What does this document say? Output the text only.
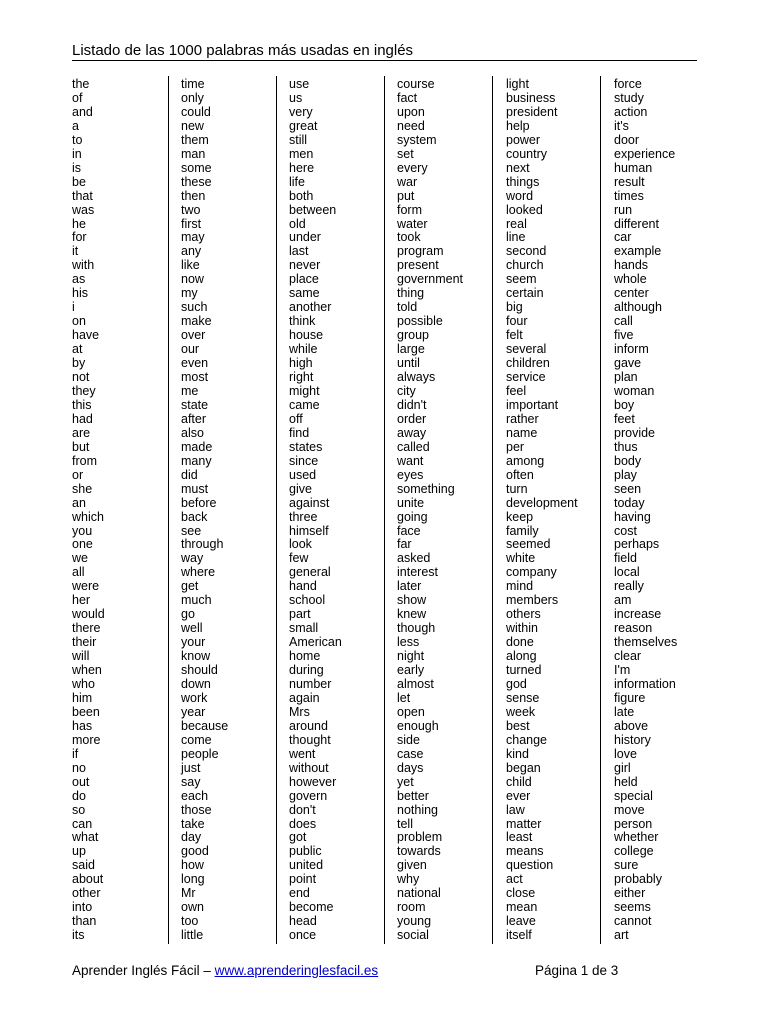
Listado de las 1000 palabras más usadas en inglés
the
of
and
a
to
in
is
be
that
was
he
for
it
with
as
his
i
on
have
at
by
not
they
this
had
are
but
from
or
she
an
which
you
one
we
all
were
her
would
there
their
will
when
who
him
been
has
more
if
no
out
do
so
can
what
up
said
about
other
into
than
its
time
only
could
new
them
man
some
these
then
two
first
may
any
like
now
my
such
make
over
our
even
most
me
state
after
also
made
many
did
must
before
back
see
through
way
where
get
much
go
well
your
know
should
down
work
year
because
come
people
just
say
each
those
take
day
good
how
long
Mr
own
too
little
use
us
very
great
still
men
here
life
both
between
old
under
last
never
place
same
another
think
house
while
high
right
might
came
off
find
states
since
used
give
against
three
himself
look
few
general
hand
school
part
small
American
home
during
number
again
Mrs
around
thought
went
without
however
govern
don't
does
got
public
united
point
end
become
head
once
course
fact
upon
need
system
set
every
war
put
form
water
took
program
present
government
thing
told
possible
group
large
until
always
city
didn't
order
away
called
want
eyes
something
unite
going
face
far
asked
interest
later
show
knew
though
less
night
early
almost
let
open
enough
side
case
days
yet
better
nothing
tell
problem
towards
given
why
national
room
young
social
light
business
president
help
power
country
next
things
word
looked
real
line
second
church
seem
certain
big
four
felt
several
children
service
feel
important
rather
name
per
among
often
turn
development
keep
family
seemed
white
company
mind
members
others
within
done
along
turned
god
sense
week
best
change
kind
began
child
ever
law
matter
least
means
question
act
close
mean
leave
itself
force
study
action
it's
door
experience
human
result
times
run
different
car
example
hands
whole
center
although
call
five
inform
gave
plan
woman
boy
feet
provide
thus
body
play
seen
today
having
cost
perhaps
field
local
really
am
increase
reason
themselves
clear
I'm
information
figure
late
above
history
love
girl
held
special
move
person
whether
college
sure
probably
either
seems
cannot
art
Aprender Inglés Fácil – www.aprenderinglesfacil.es	Página 1 de 3
